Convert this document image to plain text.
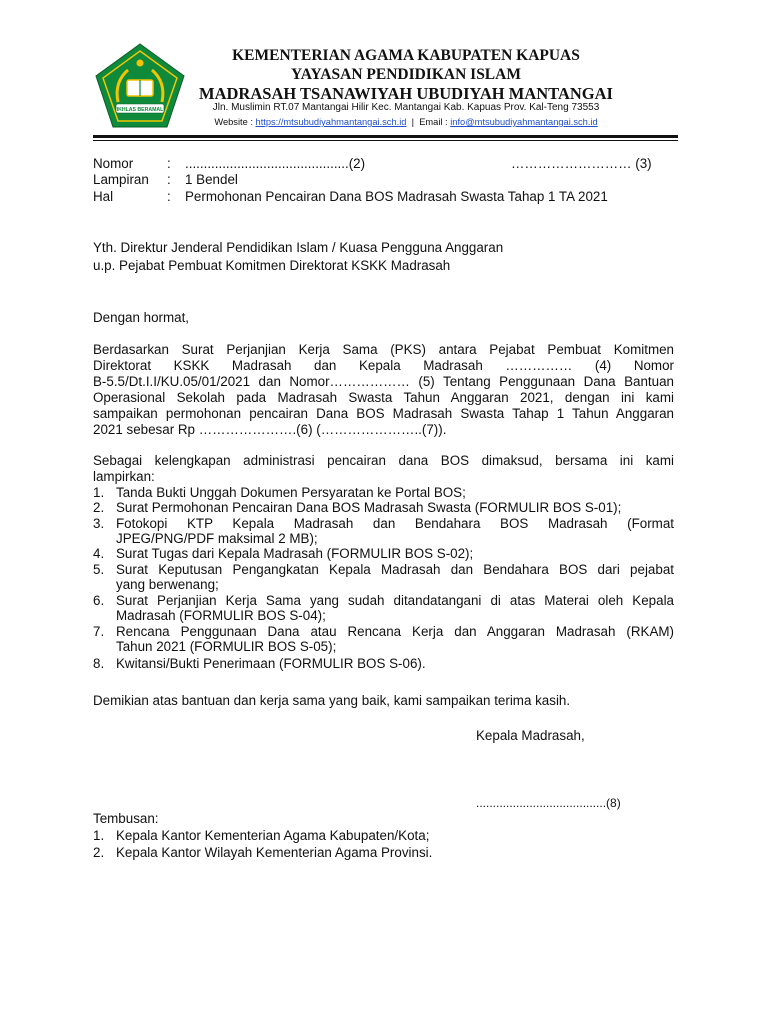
IKHLAS BERAMAL
KEMENTERIAN AGAMA KABUPATEN KAPUAS
YAYASAN PENDIDIKAN ISLAM
MADRASAH TSANAWIYAH UBUDIYAH MANTANGAI
Jln. Muslimin RT.07 Mantangai Hilir Kec. Mantangai Kab. Kapuas Prov. Kal-Teng 73553
Website : https://mtsubudiyahmantangai.sch.id | Email : info@mtsubudiyahmantangai.sch.id
Nomor	: ............................................(2)	……………………… (3)
Lampiran : 1 Bendel
Hal	: Permohonan Pencairan Dana BOS Madrasah Swasta Tahap 1 TA 2021
Yth. Direktur Jenderal Pendidikan Islam / Kuasa Pengguna Anggaran
u.p. Pejabat Pembuat Komitmen Direktorat KSKK Madrasah
Dengan hormat,
Berdasarkan Surat Perjanjian Kerja Sama (PKS) antara Pejabat Pembuat Komitmen
Direktorat KSKK Madrasah dan Kepala Madrasah …………… (4) Nomor
B-5.5/Dt.I.I/KU.05/01/2021 dan Nomor……………… (5) Tentang Penggunaan Dana Bantuan
Operasional Sekolah pada Madrasah Swasta Tahun Anggaran 2021, dengan ini kami
sampaikan permohonan pencairan Dana BOS Madrasah Swasta Tahap 1 Tahun Anggaran
2021 sebesar Rp ………………….(6) (…………………..(7)).
Sebagai kelengkapan administrasi pencairan dana BOS dimaksud, bersama ini kami
lampirkan:
1. Tanda Bukti Unggah Dokumen Persyaratan ke Portal BOS;
2. Surat Permohonan Pencairan Dana BOS Madrasah Swasta (FORMULIR BOS S-01);
3. Fotokopi KTP Kepala Madrasah dan Bendahara BOS Madrasah (Format
JPEG/PNG/PDF maksimal 2 MB);
4. Surat Tugas dari Kepala Madrasah (FORMULIR BOS S-02);
5. Surat Keputusan Pengangkatan Kepala Madrasah dan Bendahara BOS dari pejabat
yang berwenang;
6. Surat Perjanjian Kerja Sama yang sudah ditandatangani di atas Materai oleh Kepala
Madrasah (FORMULIR BOS S-04);
7. Rencana Penggunaan Dana atau Rencana Kerja dan Anggaran Madrasah (RKAM)
Tahun 2021 (FORMULIR BOS S-05);
8. Kwitansi/Bukti Penerimaan (FORMULIR BOS S-06).
Demikian atas bantuan dan kerja sama yang baik, kami sampaikan terima kasih.
Kepala Madrasah,
.......................................(8)
Tembusan:
1. Kepala Kantor Kementerian Agama Kabupaten/Kota;
2. Kepala Kantor Wilayah Kementerian Agama Provinsi.
